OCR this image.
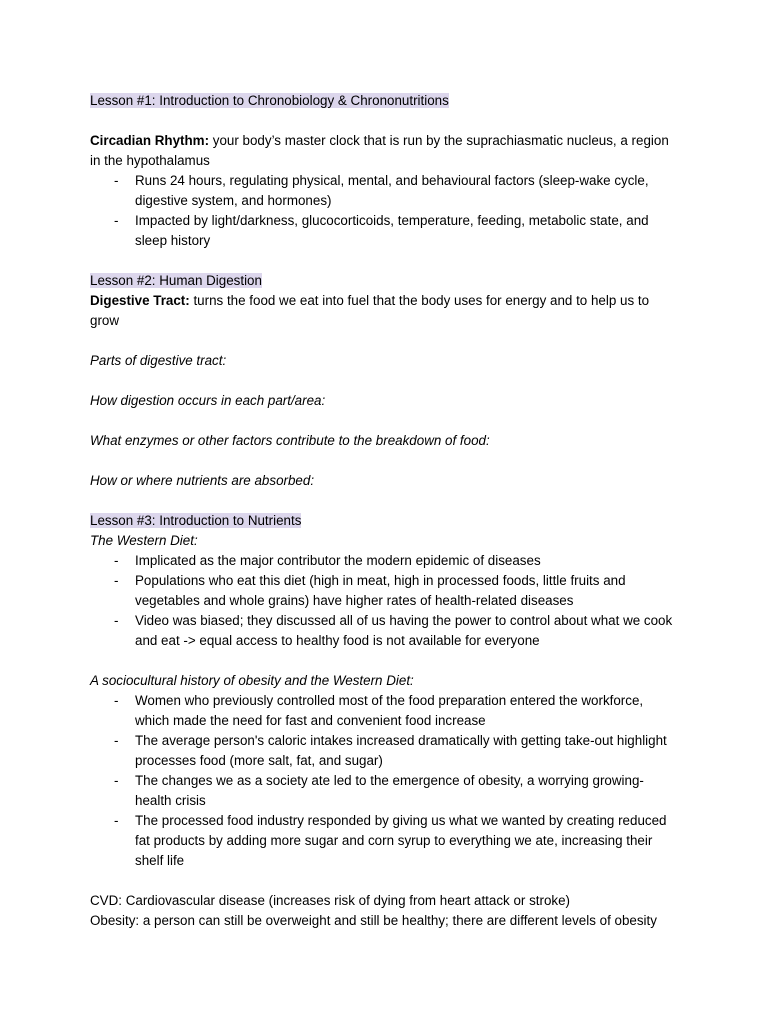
Lesson #1: Introduction to Chronobiology & Chrononutritions

Circadian Rhythm: your body’s master clock that is run by the suprachiasmatic nucleus, a region in the hypothalamus

- Runs 24 hours, regulating physical, mental, and behavioural factors (sleep-wake cycle, digestive system, and hormones)
- Impacted by light/darkness, glucocorticoids, temperature, feeding, metabolic state, and sleep history

Lesson #2: Human Digestion

Digestive Tract: turns the food we eat into fuel that the body uses for energy and to help us to grow

Parts of digestive tract:

How digestion occurs in each part/area:

What enzymes or other factors contribute to the breakdown of food:

How or where nutrients are absorbed:

Lesson #3: Introduction to Nutrients

The Western Diet:

- Implicated as the major contributor the modern epidemic of diseases
- Populations who eat this diet (high in meat, high in processed foods, little fruits and vegetables and whole grains) have higher rates of health-related diseases
- Video was biased; they discussed all of us having the power to control about what we cook and eat -> equal access to healthy food is not available for everyone

A sociocultural history of obesity and the Western Diet:

- Women who previously controlled most of the food preparation entered the workforce, which made the need for fast and convenient food increase
- The average person's caloric intakes increased dramatically with getting take-out highlight processes food (more salt, fat, and sugar)
- The changes we as a society ate led to the emergence of obesity, a worrying growing-health crisis
- The processed food industry responded by giving us what we wanted by creating reduced fat products by adding more sugar and corn syrup to everything we ate, increasing their shelf life

CVD: Cardiovascular disease (increases risk of dying from heart attack or stroke)

Obesity: a person can still be overweight and still be healthy; there are different levels of obesity
